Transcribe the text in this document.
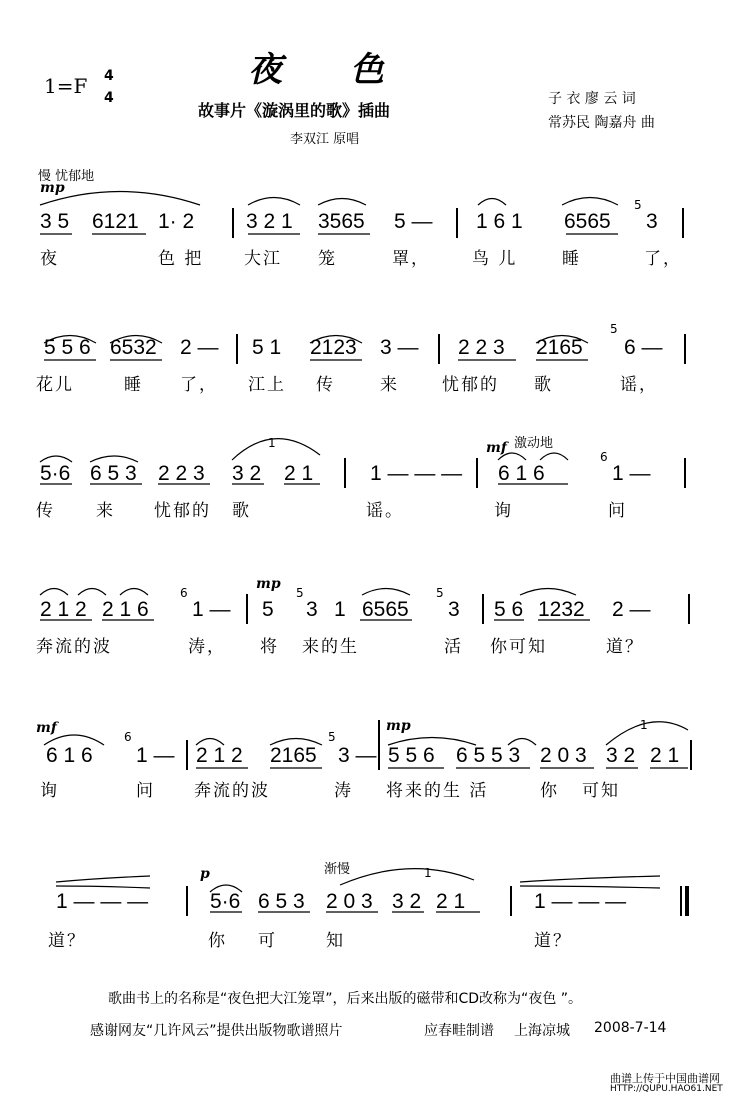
1=F 4
4
夜　　色
故事片《漩涡里的歌》插曲
李双江 原唱
子 衣 廖 云 词
常苏民 陶嘉舟 曲
慢 忧郁地
mp
3 5 6121 1· 2 3 2 1 3565 5 — 1 6 1 6565
5
3
夜	色 把 大江 笼	罩， 鸟 儿	睡	了，
5 5 6 6532 2 — 5 1 2123 3 — 2 2 3 2165
5
6 —
花儿	睡 了， 江上 传	来	忧郁的 歌	谣，
5·6 6 5 3 2 2 3 3 2
1
2 1	1 — — —
mf 激动地
6 1 6
6
1 —
传 来 忧郁的 歌	谣。	询	问
2 1 2 2 1 6
6
1 —
mp
5
5
3 1 6565
5
3 5 6 1232 2 —
奔流的波	涛， 将 来的生	活 你可知	道？
mf
6 1 6
6
1 — 2 1 2 2165
5
3 —
mp
5 5 6 6 5 5 3 2 0 3 3 2
1
2 1
询	问 奔流的波	涛 将来的生 活	你 可知
1 — — —
p	渐慢
5·6 6 5 3 2 0 3 3 2
1
2 1	1 — — —
道？	你 可	知	道？
歌曲书上的名称是“夜色把大江笼罩”，后来出版的磁带和CD改称为“夜色 ”。
感谢网友“几许风云”提供出版物歌谱照片	应春畦制谱 上海凉城 2008-7-14
曲谱上传于中国曲谱网
HTTP://QUPU.HAO61.NET
